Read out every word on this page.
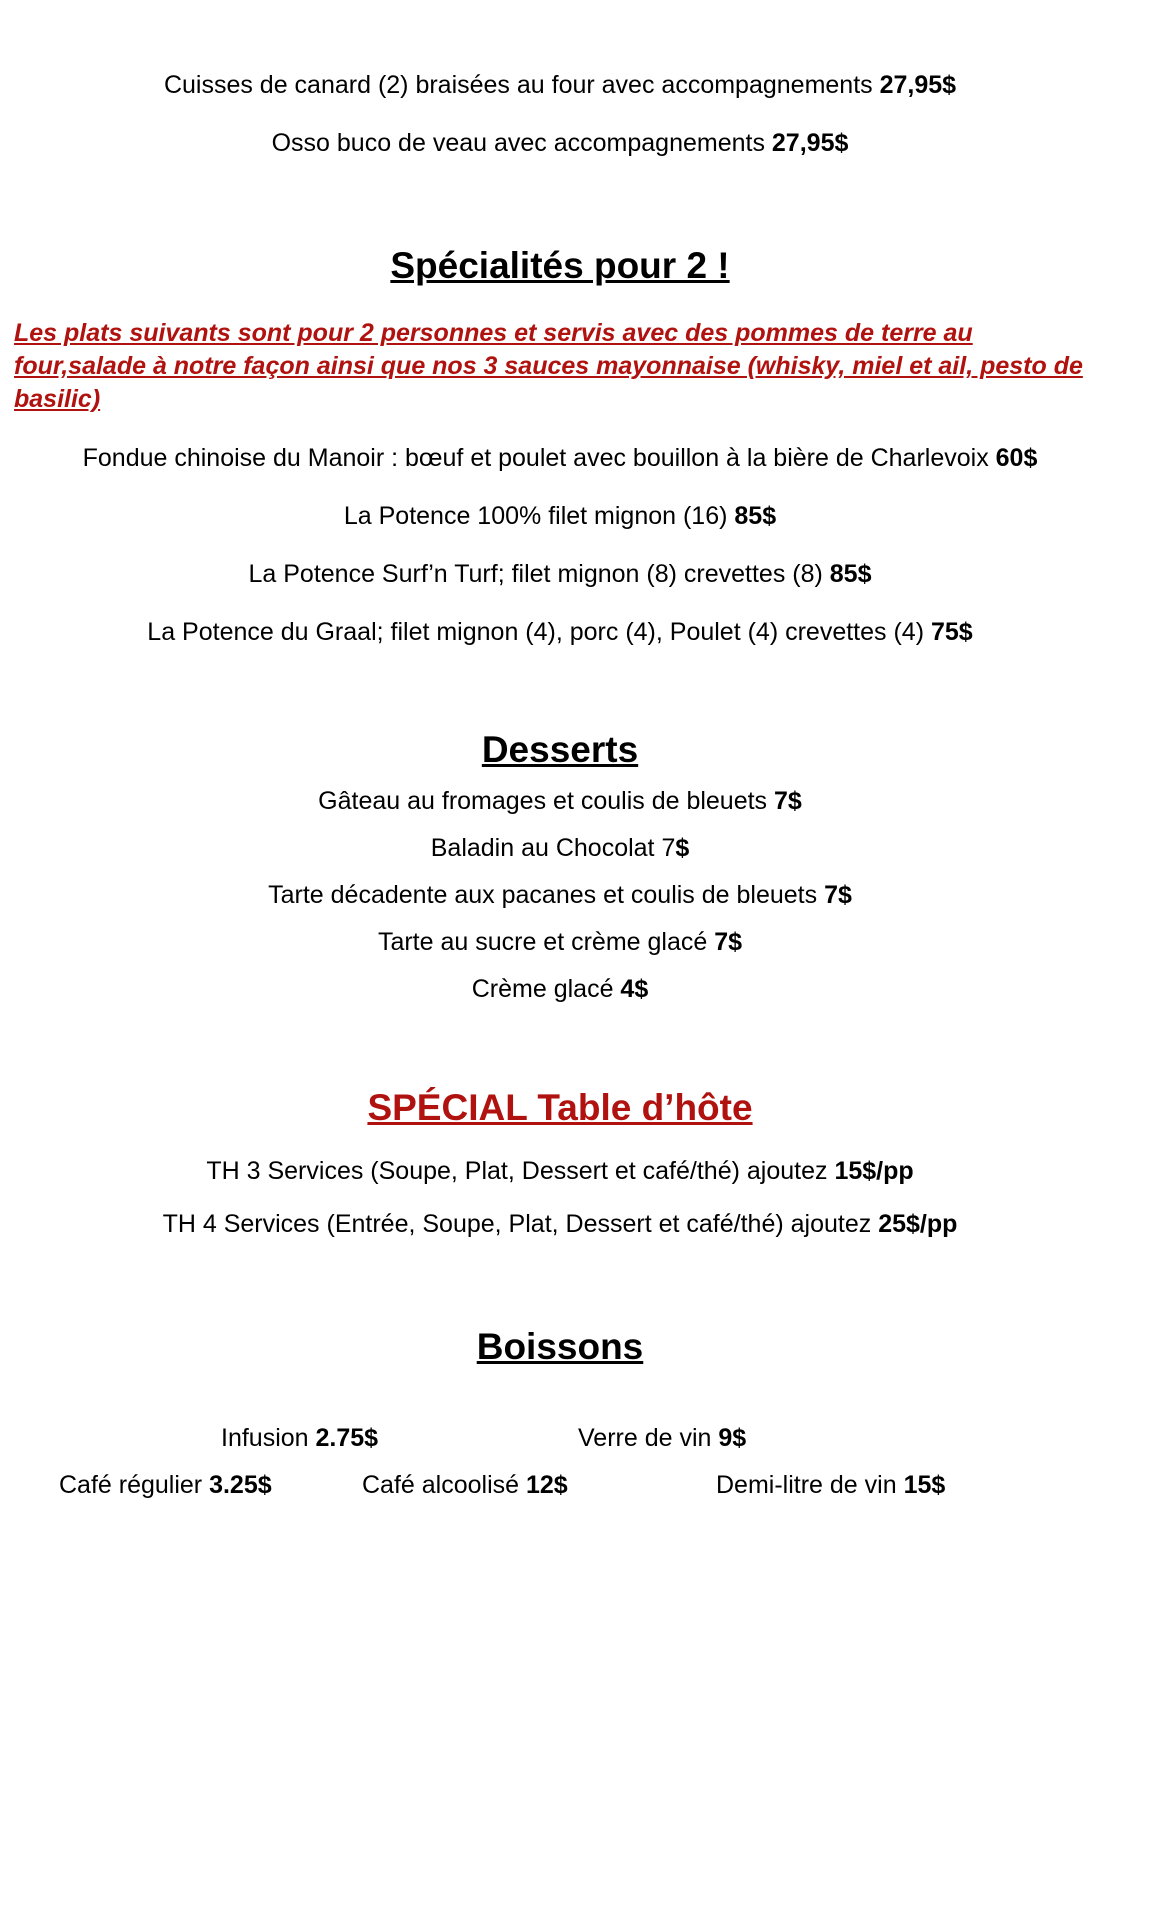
Cuisses de canard (2) braisées au four avec accompagnements 27,95$
Osso buco de veau avec accompagnements 27,95$
Spécialités pour 2 !
Les plats suivants sont pour 2 personnes et servis avec des pommes de terre au four,salade à notre façon ainsi que nos 3 sauces mayonnaise (whisky, miel et ail, pesto de basilic)
Fondue chinoise du Manoir : bœuf et poulet avec bouillon à la bière de Charlevoix 60$
La Potence 100% filet mignon (16) 85$
La Potence Surf’n Turf; filet mignon (8) crevettes (8) 85$
La Potence du Graal; filet mignon (4), porc (4), Poulet (4) crevettes (4) 75$
Desserts
Gâteau au fromages et coulis de bleuets 7$
Baladin au Chocolat 7$
Tarte décadente aux pacanes et coulis de bleuets 7$
Tarte au sucre et crème glacé 7$
Crème glacé 4$
SPÉCIAL Table d’hôte
TH 3 Services (Soupe, Plat, Dessert et café/thé) ajoutez 15$/pp
TH 4 Services (Entrée, Soupe, Plat, Dessert et café/thé) ajoutez 25$/pp
Boissons
Infusion 2.75$	Verre de vin 9$
Café régulier 3.25$	Café alcoolisé 12$	Demi-litre de vin 15$
